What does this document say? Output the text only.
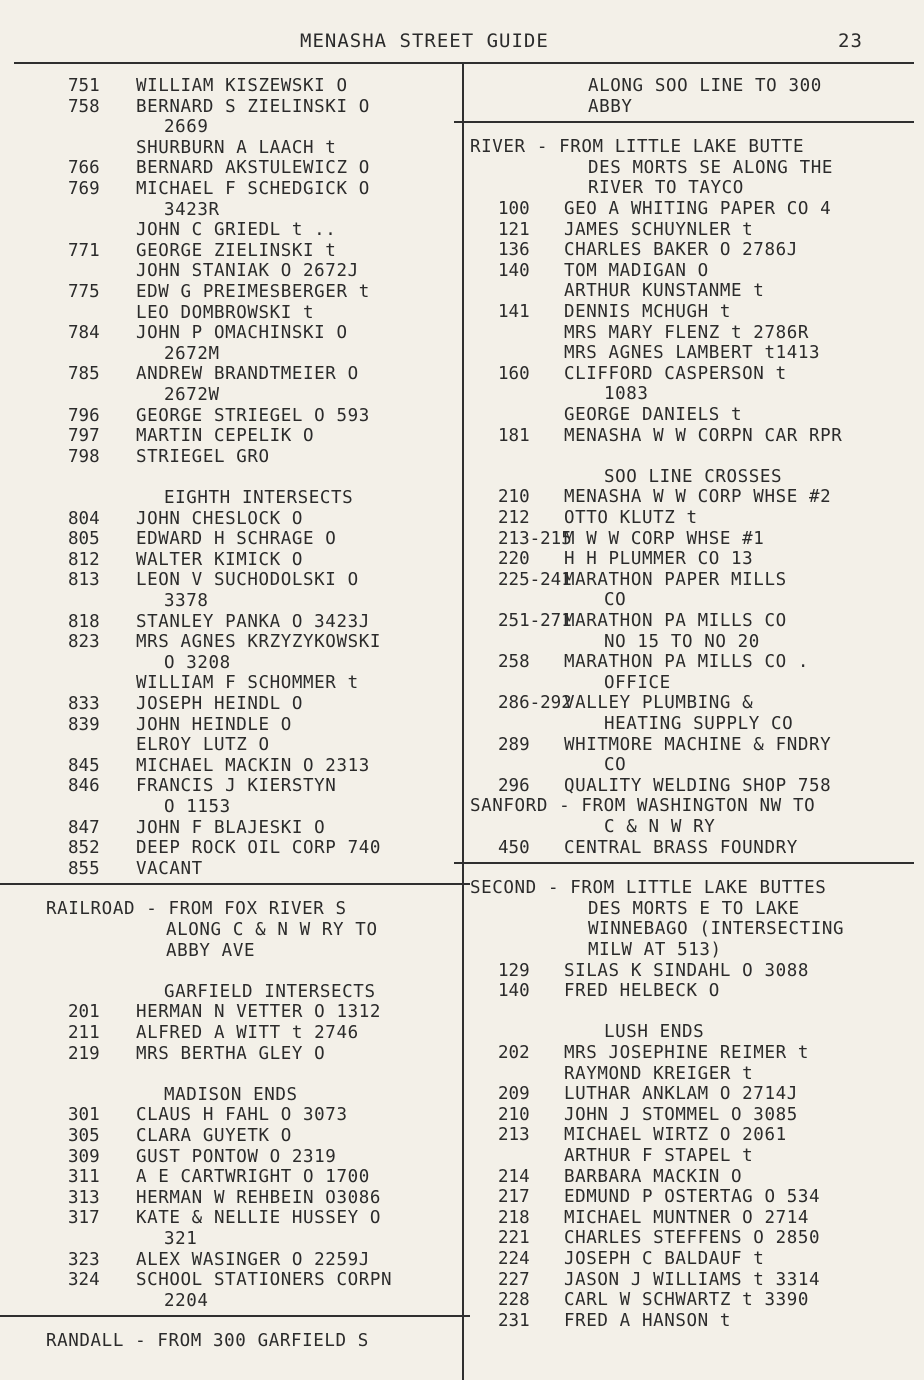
MENASHA STREET GUIDE	23
751 WILLIAM KISZEWSKI O
758 BERNARD S ZIELINSKI O
2669
SHURBURN A LAACH t
766 BERNARD AKSTULEWICZ O
769 MICHAEL F SCHEDGICK O
3423R
JOHN C GRIEDL t ..
771 GEORGE ZIELINSKI t
JOHN STANIAK O 2672J
775 EDW G PREIMESBERGER t
LEO DOMBROWSKI t
784 JOHN P OMACHINSKI O
2672M
785 ANDREW BRANDTMEIER O
2672W
796 GEORGE STRIEGEL O 593
797 MARTIN CEPELIK O
798 STRIEGEL GRO
EIGHTH INTERSECTS
804 JOHN CHESLOCK O
805 EDWARD H SCHRAGE O
812 WALTER KIMICK O
813 LEON V SUCHODOLSKI O
3378
818 STANLEY PANKA O 3423J
823 MRS AGNES KRZYZYKOWSKI
O 3208
WILLIAM F SCHOMMER t
833 JOSEPH HEINDL O
839 JOHN HEINDLE O
ELROY LUTZ O
845 MICHAEL MACKIN O 2313
846 FRANCIS J KIERSTYN
O 1153
847 JOHN F BLAJESKI O
852 DEEP ROCK OIL CORP 740
855 VACANT
RAILROAD - FROM FOX RIVER S
ALONG C & N W RY TO
ABBY AVE
GARFIELD INTERSECTS
201 HERMAN N VETTER O 1312
211 ALFRED A WITT t 2746
219 MRS BERTHA GLEY O
MADISON ENDS
301 CLAUS H FAHL O 3073
305 CLARA GUYETK O
309 GUST PONTOW O 2319
311 A E CARTWRIGHT O 1700
313 HERMAN W REHBEIN O3086
317 KATE & NELLIE HUSSEY O
321
323 ALEX WASINGER O 2259J
324 SCHOOL STATIONERS CORPN
2204
RANDALL - FROM 300 GARFIELD S
ALONG SOO LINE TO 300
ABBY
RIVER - FROM LITTLE LAKE BUTTE
DES MORTS SE ALONG THE
RIVER TO TAYCO
100 GEO A WHITING PAPER CO 4
121 JAMES SCHUYNLER t
136 CHARLES BAKER O 2786J
140 TOM MADIGAN O
ARTHUR KUNSTANME t
141 DENNIS MCHUGH t
MRS MARY FLENZ t 2786R
MRS AGNES LAMBERT t1413
160 CLIFFORD CASPERSON t
1083
GEORGE DANIELS t
181 MENASHA W W CORPN CAR RPR
SOO LINE CROSSES
210 MENASHA W W CORP WHSE #2
212 OTTO KLUTZ t
213-215
M W W CORP WHSE #1
220 H H PLUMMER CO 13
225-241
MARATHON PAPER MILLS
CO
251-271
MARATHON PA MILLS CO
NO 15 TO NO 20
258 MARATHON PA MILLS CO .
OFFICE
286-292
VALLEY PLUMBING &
HEATING SUPPLY CO
289 WHITMORE MACHINE & FNDRY
CO
296 QUALITY WELDING SHOP 758
SANFORD - FROM WASHINGTON NW TO
C & N W RY
450 CENTRAL BRASS FOUNDRY
SECOND - FROM LITTLE LAKE BUTTES
DES MORTS E TO LAKE
WINNEBAGO (INTERSECTING
MILW AT 513)
129 SILAS K SINDAHL O 3088
140 FRED HELBECK O
LUSH ENDS
202 MRS JOSEPHINE REIMER t
RAYMOND KREIGER t
209 LUTHAR ANKLAM O 2714J
210 JOHN J STOMMEL O 3085
213 MICHAEL WIRTZ O 2061
ARTHUR F STAPEL t
214 BARBARA MACKIN O
217 EDMUND P OSTERTAG O 534
218 MICHAEL MUNTNER O 2714
221 CHARLES STEFFENS O 2850
224 JOSEPH C BALDAUF t
227 JASON J WILLIAMS t 3314
228 CARL W SCHWARTZ t 3390
231 FRED A HANSON t
